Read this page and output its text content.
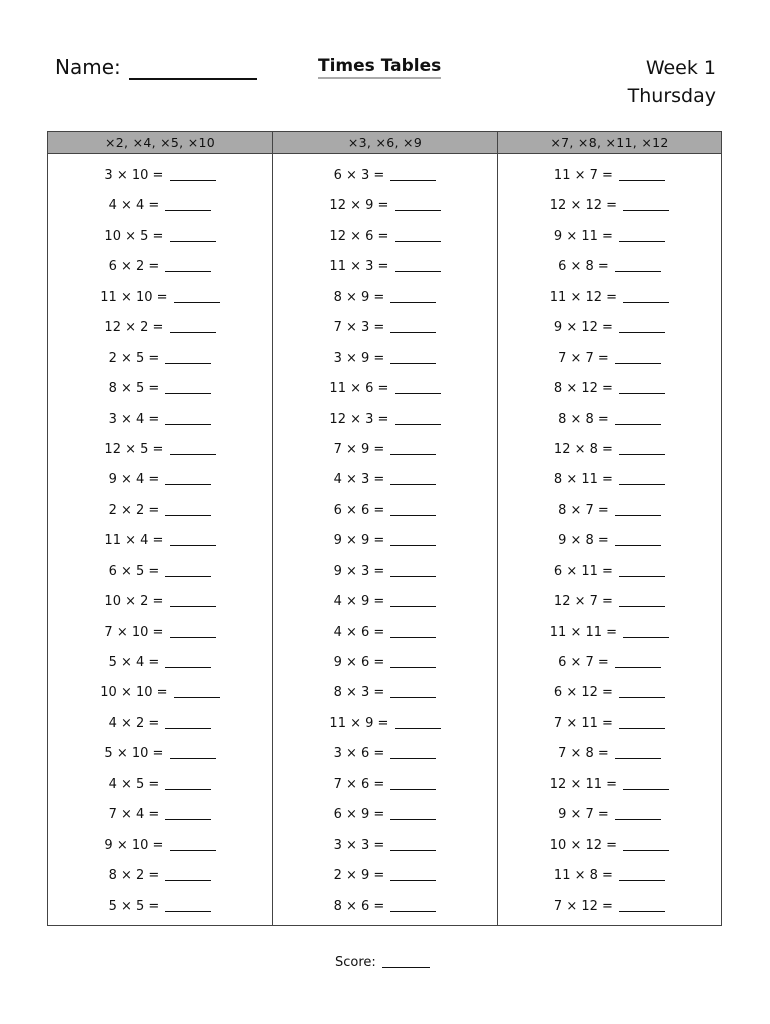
Name:	Times Tables	Week 1
Thursday
×2, ×4, ×5, ×10
3 × 10 =
4 × 4 =
10 × 5 =
6 × 2 =
11 × 10 =
12 × 2 =
2 × 5 =
8 × 5 =
3 × 4 =
12 × 5 =
9 × 4 =
2 × 2 =
11 × 4 =
6 × 5 =
10 × 2 =
7 × 10 =
5 × 4 =
10 × 10 =
4 × 2 =
5 × 10 =
4 × 5 =
7 × 4 =
9 × 10 =
8 × 2 =
5 × 5 =
×3, ×6, ×9
6 × 3 =
12 × 9 =
12 × 6 =
11 × 3 =
8 × 9 =
7 × 3 =
3 × 9 =
11 × 6 =
12 × 3 =
7 × 9 =
4 × 3 =
6 × 6 =
9 × 9 =
9 × 3 =
4 × 9 =
4 × 6 =
9 × 6 =
8 × 3 =
11 × 9 =
3 × 6 =
7 × 6 =
6 × 9 =
3 × 3 =
2 × 9 =
8 × 6 =
×7, ×8, ×11, ×12
11 × 7 =
12 × 12 =
9 × 11 =
6 × 8 =
11 × 12 =
9 × 12 =
7 × 7 =
8 × 12 =
8 × 8 =
12 × 8 =
8 × 11 =
8 × 7 =
9 × 8 =
6 × 11 =
12 × 7 =
11 × 11 =
6 × 7 =
6 × 12 =
7 × 11 =
7 × 8 =
12 × 11 =
9 × 7 =
10 × 12 =
11 × 8 =
7 × 12 =
Score:
